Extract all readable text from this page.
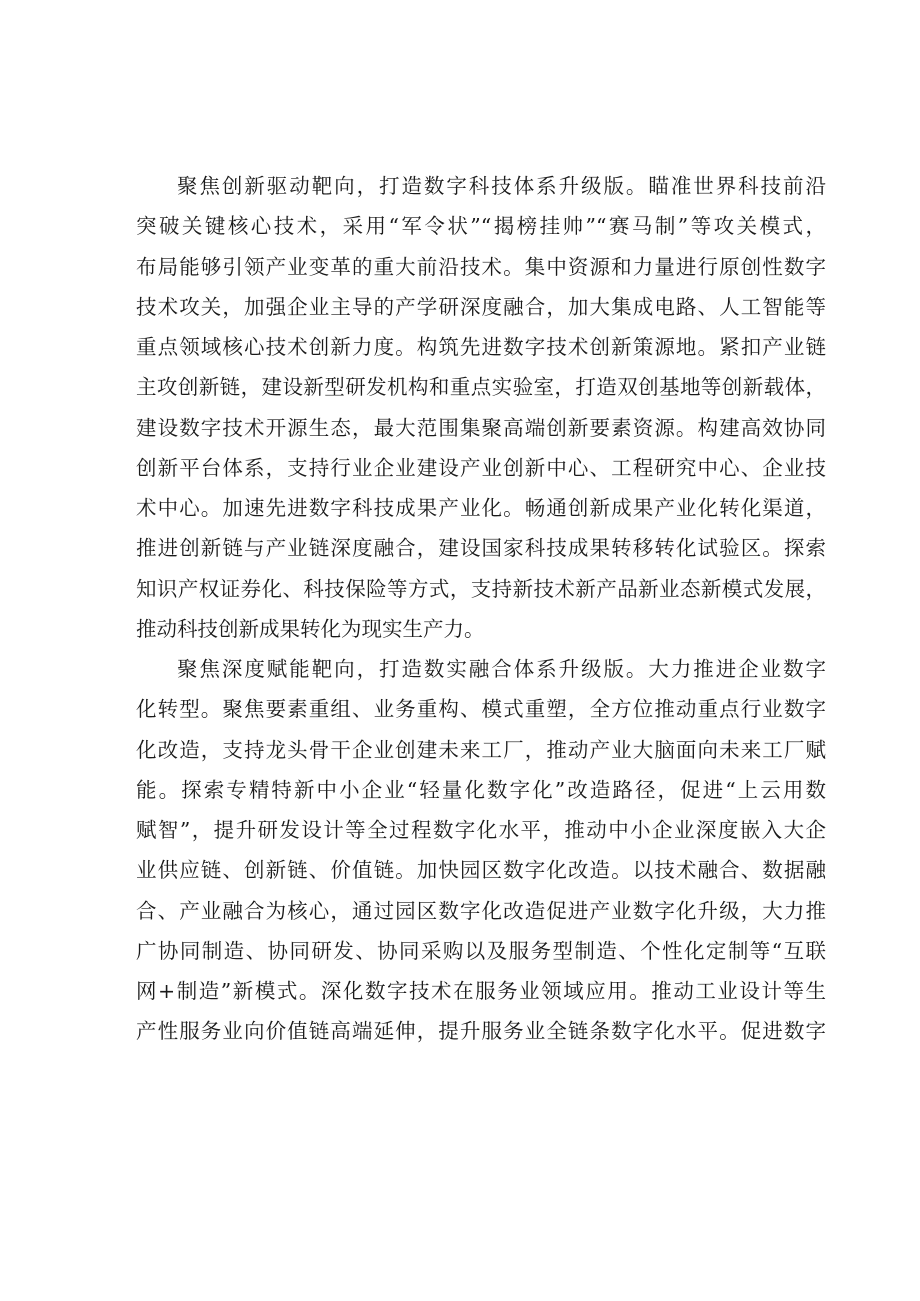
聚焦创新驱动靶向，打造数字科技体系升级版。瞄准世界科技前沿
突破关键核心技术，采用“军令状”“揭榜挂帅”“赛马制”等攻关模式，
布局能够引领产业变革的重大前沿技术。集中资源和力量进行原创性数字
技术攻关，加强企业主导的产学研深度融合，加大集成电路、人工智能等
重点领域核心技术创新力度。构筑先进数字技术创新策源地。紧扣产业链
主攻创新链，建设新型研发机构和重点实验室，打造双创基地等创新载体，
建设数字技术开源生态，最大范围集聚高端创新要素资源。构建高效协同
创新平台体系，支持行业企业建设产业创新中心、工程研究中心、企业技
术中心。加速先进数字科技成果产业化。畅通创新成果产业化转化渠道，
推进创新链与产业链深度融合，建设国家科技成果转移转化试验区。探索
知识产权证券化、科技保险等方式，支持新技术新产品新业态新模式发展，
推动科技创新成果转化为现实生产力。
聚焦深度赋能靶向，打造数实融合体系升级版。大力推进企业数字
化转型。聚焦要素重组、业务重构、模式重塑，全方位推动重点行业数字
化改造，支持龙头骨干企业创建未来工厂，推动产业大脑面向未来工厂赋
能。探索专精特新中小企业“轻量化数字化”改造路径，促进“上云用数
赋智”，提升研发设计等全过程数字化水平，推动中小企业深度嵌入大企
业供应链、创新链、价值链。加快园区数字化改造。以技术融合、数据融
合、产业融合为核心，通过园区数字化改造促进产业数字化升级，大力推
广协同制造、协同研发、协同采购以及服务型制造、个性化定制等“互联
网+制造”新模式。深化数字技术在服务业领域应用。推动工业设计等生
产性服务业向价值链高端延伸，提升服务业全链条数字化水平。促进数字
